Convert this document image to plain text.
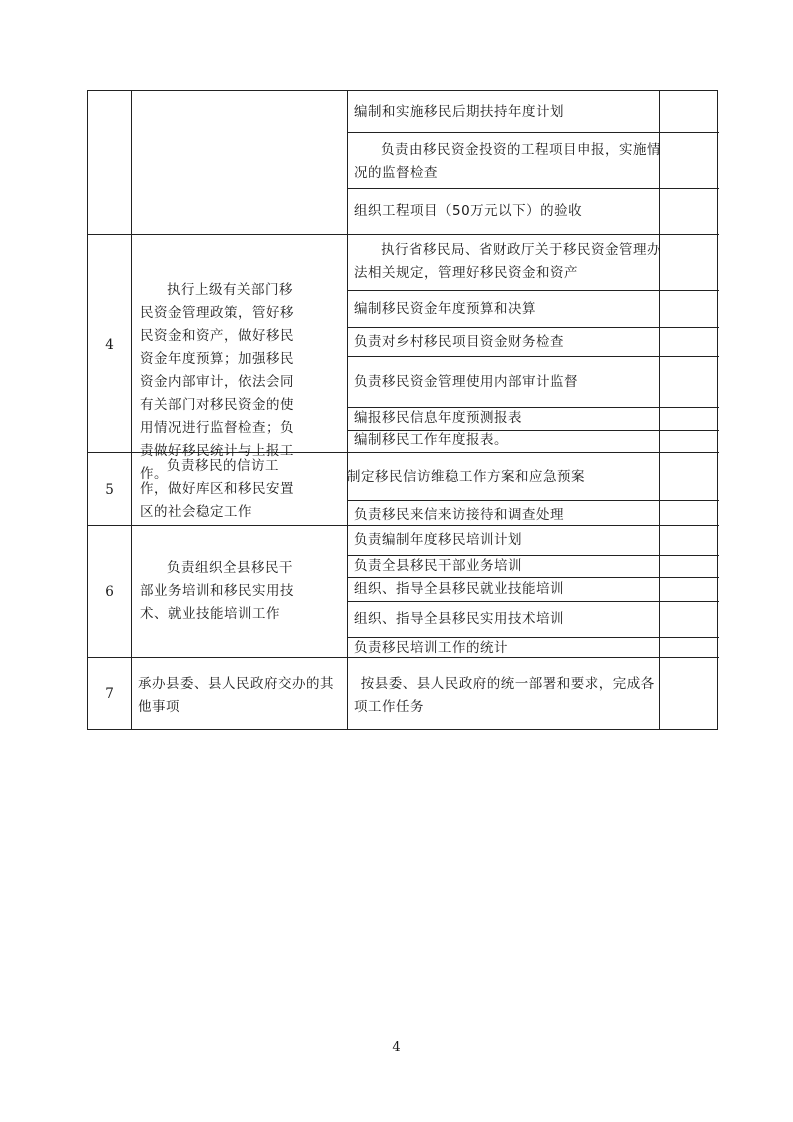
编制和实施移民后期扶持年度计划
负责由移民资金投资的工程项目申报，实施情况的监督检查
组织工程项目（50万元以下）的验收
4
执行上级有关部门移民资金管理政策，管好移民资金和资产，做好移民资金年度预算；加强移民资金内部审计，依法会同有关部门对移民资金的使用情况进行监督检查；负责做好移民统计与上报工作。
执行省移民局、省财政厅关于移民资金管理办法相关规定，管理好移民资金和资产
编制移民资金年度预算和决算
负责对乡村移民项目资金财务检查
负责移民资金管理使用内部审计监督
编报移民信息年度预测报表
编制移民工作年度报表。
5
负责移民的信访工作，做好库区和移民安置区的社会稳定工作
制定移民信访维稳工作方案和应急预案
负责移民来信来访接待和调查处理
6
负责组织全县移民干部业务培训和移民实用技术、就业技能培训工作
负责编制年度移民培训计划
负责全县移民干部业务培训
组织、指导全县移民就业技能培训
组织、指导全县移民实用技术培训
负责移民培训工作的统计
7
承办县委、县人民政府交办的其他事项
按县委、县人民政府的统一部署和要求，完成各项工作任务
4
